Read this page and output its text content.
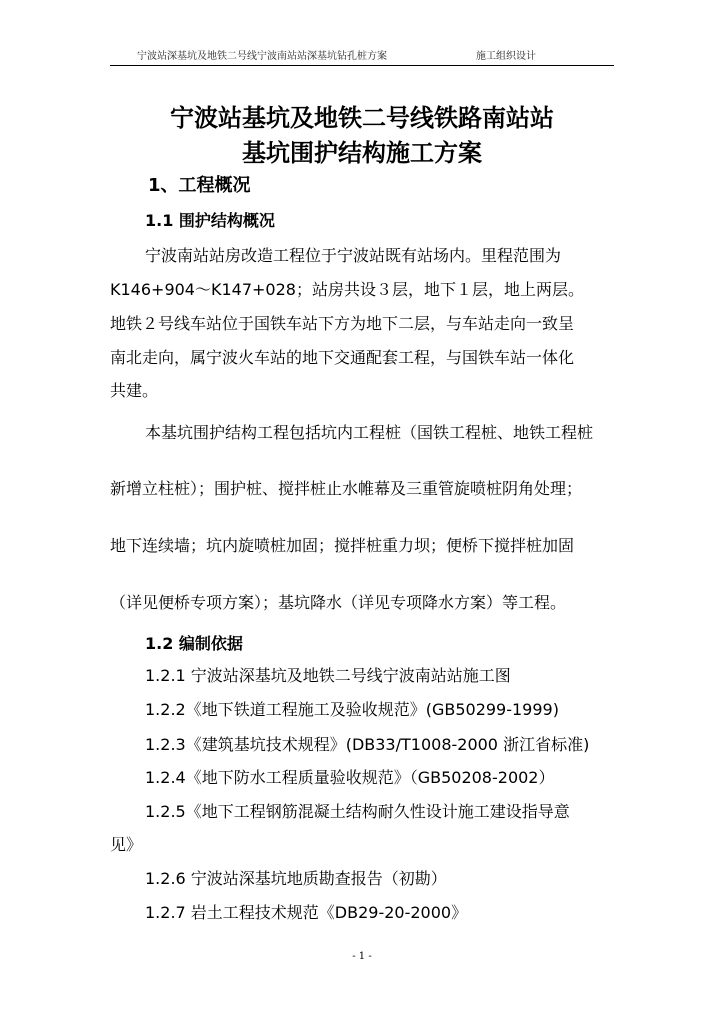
宁波站深基坑及地铁二号线宁波南站站深基坑钻孔桩方案	施工组织设计
宁波站基坑及地铁二号线铁路南站站
基坑围护结构施工方案
1、工程概况
1.1 围护结构概况
宁波南站站房改造工程位于宁波站既有站场内。里程范围为
K146+904～K147+028；站房共设３层，地下１层，地上两层。
地铁２号线车站位于国铁车站下方为地下二层，与车站走向一致呈
南北走向，属宁波火车站的地下交通配套工程，与国铁车站一体化
共建。
本基坑围护结构工程包括坑内工程桩（国铁工程桩、地铁工程桩
新增立柱桩）；围护桩、搅拌桩止水帷幕及三重管旋喷桩阴角处理；
地下连续墙；坑内旋喷桩加固；搅拌桩重力坝；便桥下搅拌桩加固
（详见便桥专项方案）；基坑降水（详见专项降水方案）等工程。
1.2 编制依据
1.2.1 宁波站深基坑及地铁二号线宁波南站站施工图
1.2.2《地下铁道工程施工及验收规范》(GB50299-1999)
1.2.3《建筑基坑技术规程》(DB33/T1008-2000 浙江省标准)
1.2.4《地下防水工程质量验收规范》（GB50208-2002）
1.2.5《地下工程钢筋混凝土结构耐久性设计施工建设指导意
见》
1.2.6 宁波站深基坑地质勘查报告（初勘）
1.2.7 岩土工程技术规范《DB29-20-2000》
- 1 -
